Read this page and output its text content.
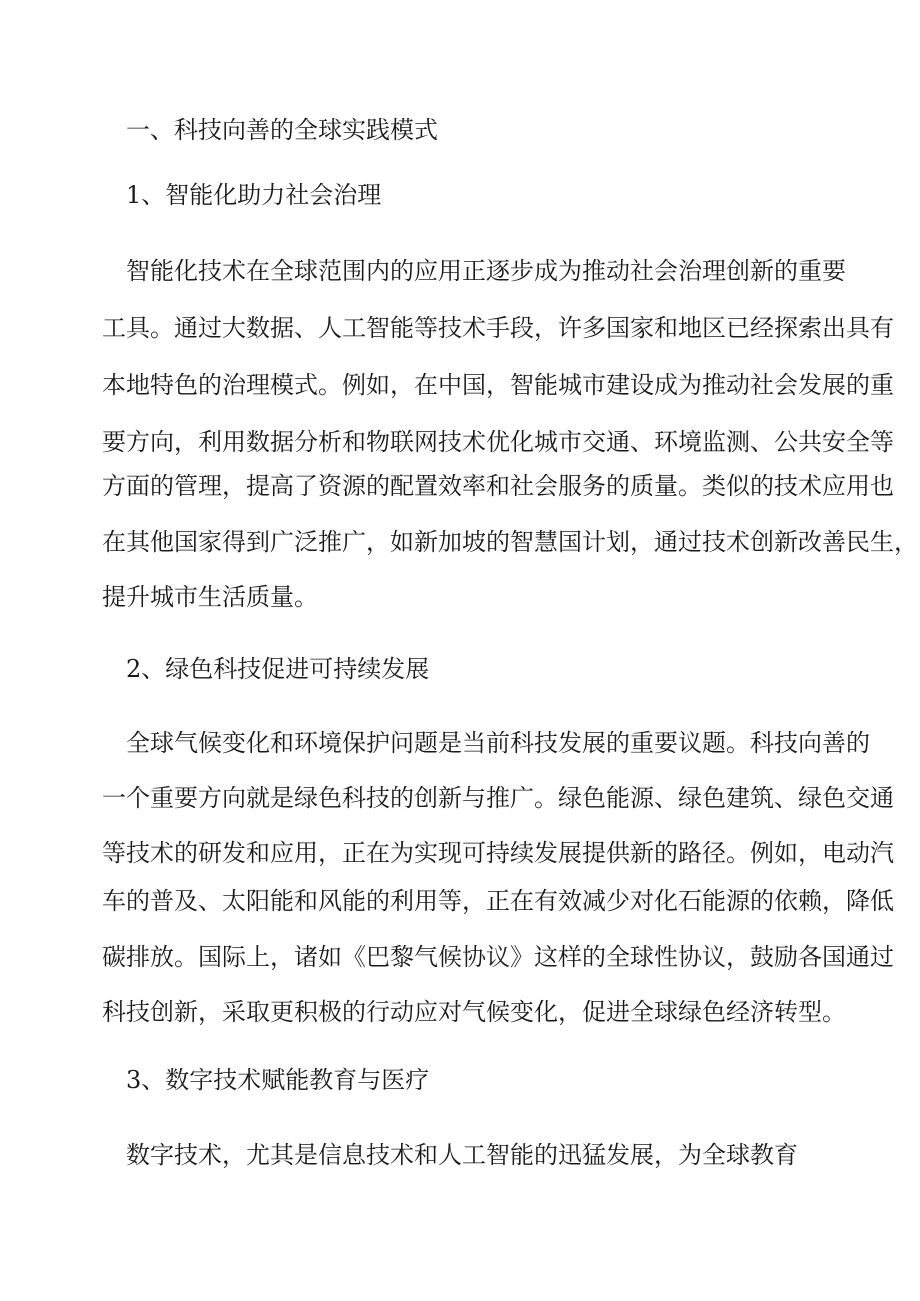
一、科技向善的全球实践模式
1、智能化助力社会治理
智能化技术在全球范围内的应用正逐步成为推动社会治理创新的重要
工具。通过大数据、人工智能等技术手段，许多国家和地区已经探索出具有
本地特色的治理模式。例如，在中国，智能城市建设成为推动社会发展的重
要方向，利用数据分析和物联网技术优化城市交通、环境监测、公共安全等
方面的管理，提高了资源的配置效率和社会服务的质量。类似的技术应用也
在其他国家得到广泛推广，如新加坡的智慧国计划，通过技术创新改善民生，
提升城市生活质量。
2、绿色科技促进可持续发展
全球气候变化和环境保护问题是当前科技发展的重要议题。科技向善的
一个重要方向就是绿色科技的创新与推广。绿色能源、绿色建筑、绿色交通
等技术的研发和应用，正在为实现可持续发展提供新的路径。例如，电动汽
车的普及、太阳能和风能的利用等，正在有效减少对化石能源的依赖，降低
碳排放。国际上，诸如《巴黎气候协议》这样的全球性协议，鼓励各国通过
科技创新，采取更积极的行动应对气候变化，促进全球绿色经济转型。
3、数字技术赋能教育与医疗
数字技术，尤其是信息技术和人工智能的迅猛发展，为全球教育
